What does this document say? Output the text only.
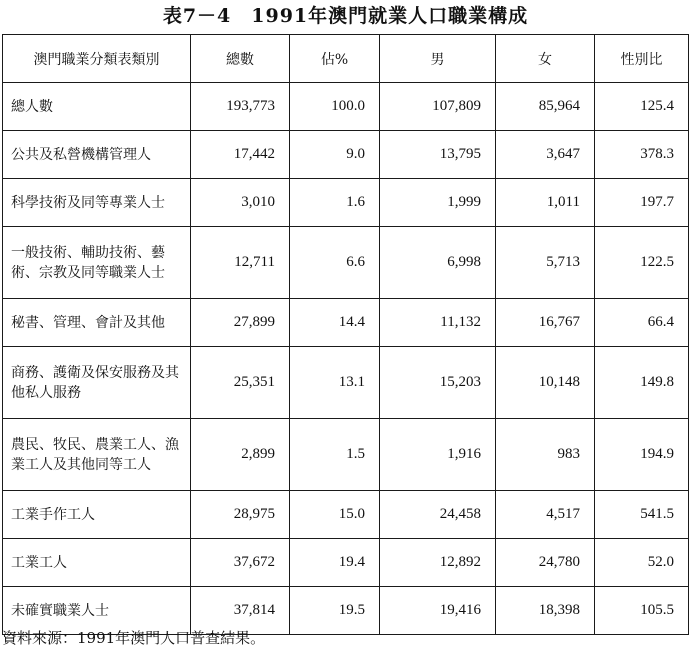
表7－4　1991年澳門就業人口職業構成
澳門職業分類表類別	總數	佔%	男	女	性別比
總人數	193,773	100.0	107,809	85,964	125.4
公共及私營機構管理人	17,442	9.0	13,795	3,647	378.3
科學技術及同等專業人士	3,010	1.6	1,999	1,011	197.7
一般技術、輔助技術、藝術、宗教及同等職業人士	12,711	6.6	6,998	5,713	122.5
秘書、管理、會計及其他	27,899	14.4	11,132	16,767	66.4
商務、護衛及保安服務及其他私人服務	25,351	13.1	15,203	10,148	149.8
農民、牧民、農業工人、漁業工人及其他同等工人	2,899	1.5	1,916	983	194.9
工業手作工人	28,975	15.0	24,458	4,517	541.5
工業工人	37,672	19.4	12,892	24,780	52.0
未確實職業人士	37,814	19.5	19,416	18,398	105.5
資料來源：1991年澳門人口普查結果。
